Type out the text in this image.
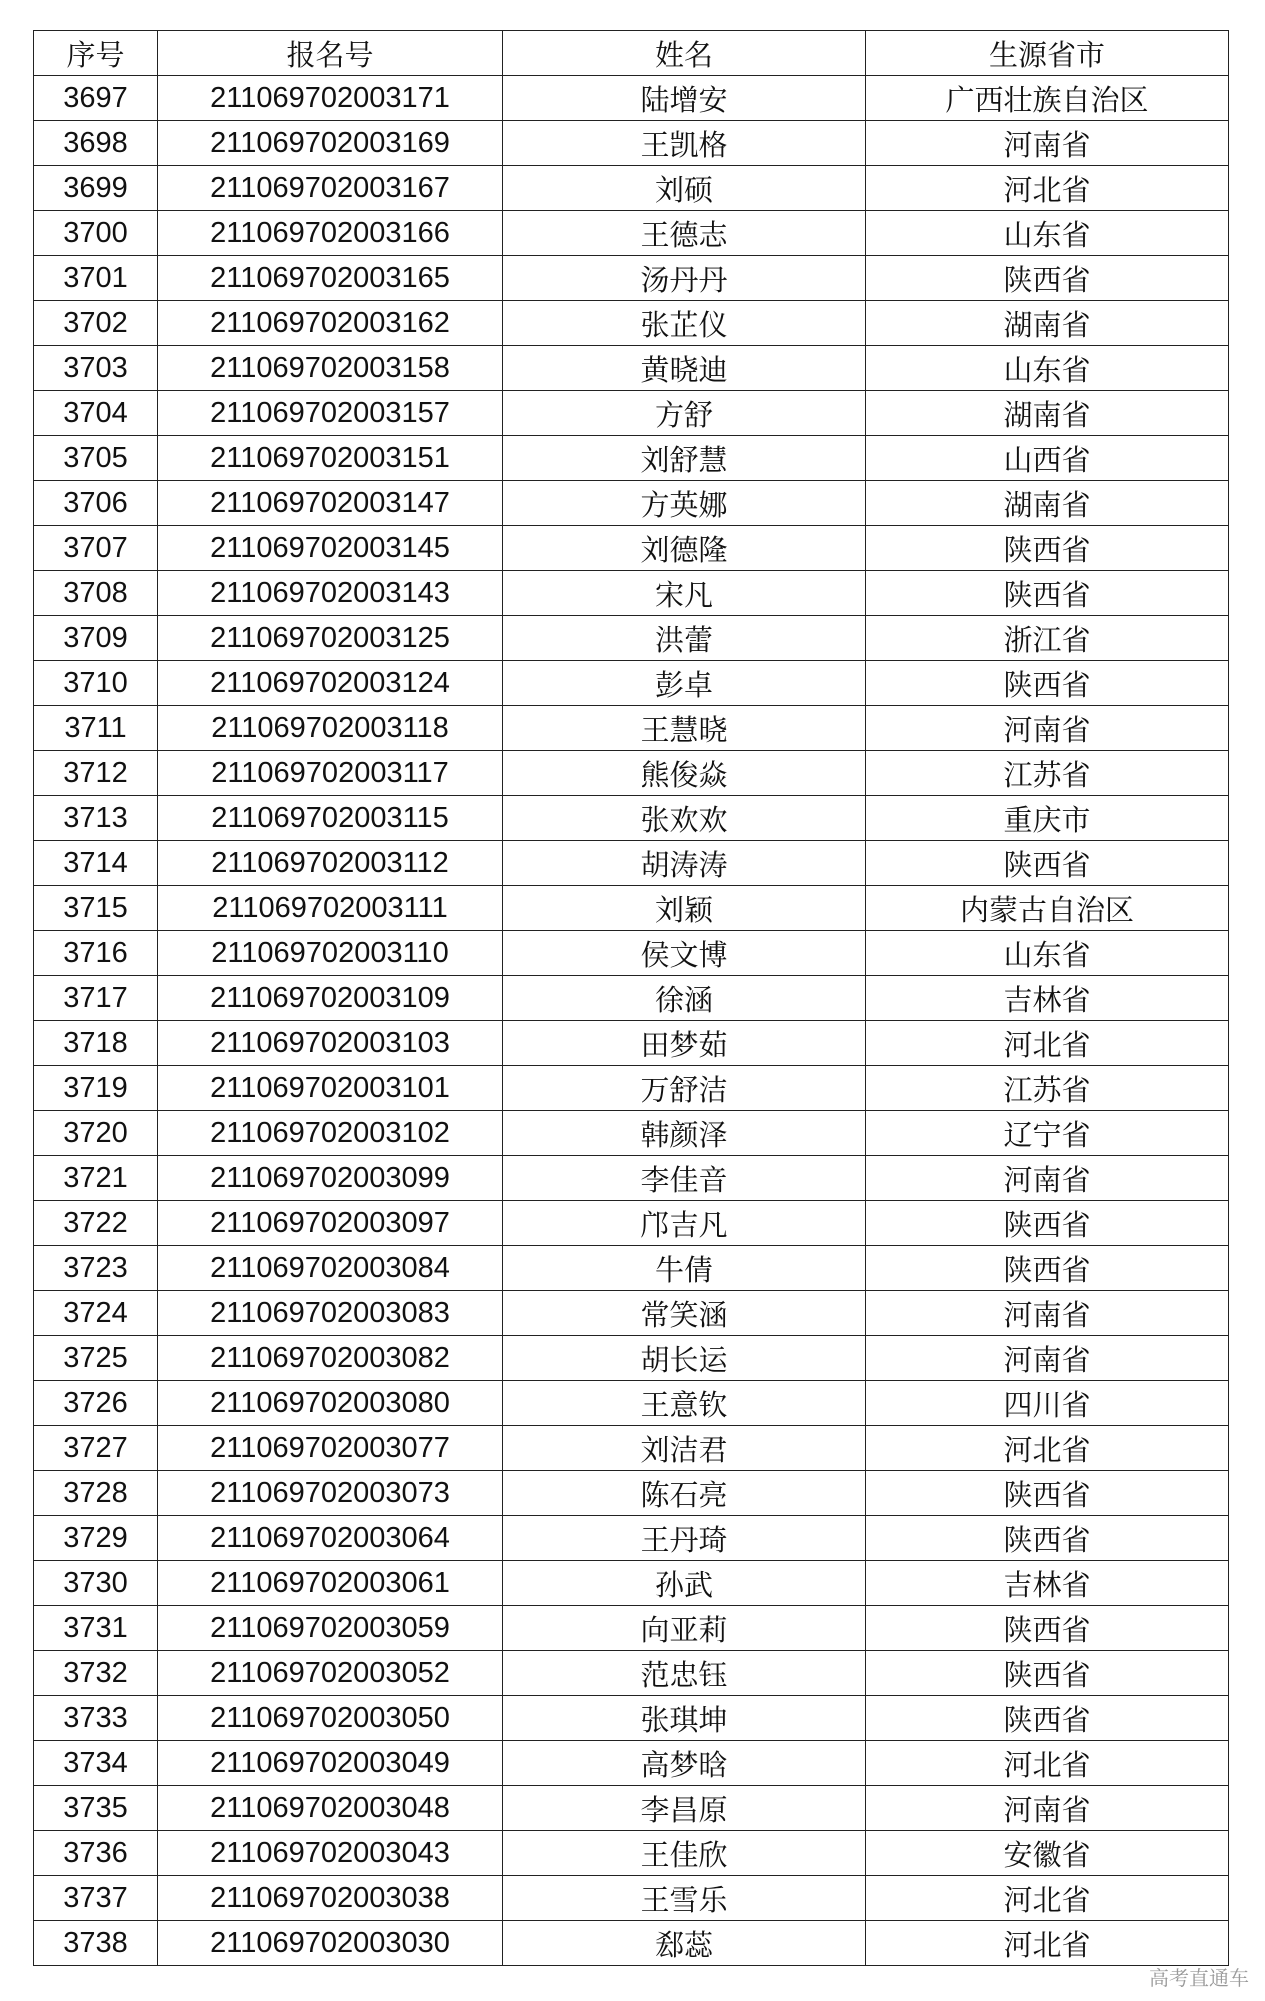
序号	报名号	姓名	生源省市
3697	211069702003171	陆增安	广西壮族自治区
3698	211069702003169	王凯格	河南省
3699	211069702003167	刘硕	河北省
3700	211069702003166	王德志	山东省
3701	211069702003165	汤丹丹	陕西省
3702	211069702003162	张芷仪	湖南省
3703	211069702003158	黄晓迪	山东省
3704	211069702003157	方舒	湖南省
3705	211069702003151	刘舒慧	山西省
3706	211069702003147	方英娜	湖南省
3707	211069702003145	刘德隆	陕西省
3708	211069702003143	宋凡	陕西省
3709	211069702003125	洪蕾	浙江省
3710	211069702003124	彭卓	陕西省
3711	211069702003118	王慧晓	河南省
3712	211069702003117	熊俊焱	江苏省
3713	211069702003115	张欢欢	重庆市
3714	211069702003112	胡涛涛	陕西省
3715	211069702003111	刘颖	内蒙古自治区
3716	211069702003110	侯文博	山东省
3717	211069702003109	徐涵	吉林省
3718	211069702003103	田梦茹	河北省
3719	211069702003101	万舒洁	江苏省
3720	211069702003102	韩颜泽	辽宁省
3721	211069702003099	李佳音	河南省
3722	211069702003097	邝吉凡	陕西省
3723	211069702003084	牛倩	陕西省
3724	211069702003083	常笑涵	河南省
3725	211069702003082	胡长运	河南省
3726	211069702003080	王意钦	四川省
3727	211069702003077	刘洁君	河北省
3728	211069702003073	陈石亮	陕西省
3729	211069702003064	王丹琦	陕西省
3730	211069702003061	孙武	吉林省
3731	211069702003059	向亚莉	陕西省
3732	211069702003052	范忠钰	陕西省
3733	211069702003050	张琪坤	陕西省
3734	211069702003049	高梦晗	河北省
3735	211069702003048	李昌原	河南省
3736	211069702003043	王佳欣	安徽省
3737	211069702003038	王雪乐	河北省
3738	211069702003030	郄蕊	河北省
高考直通车
